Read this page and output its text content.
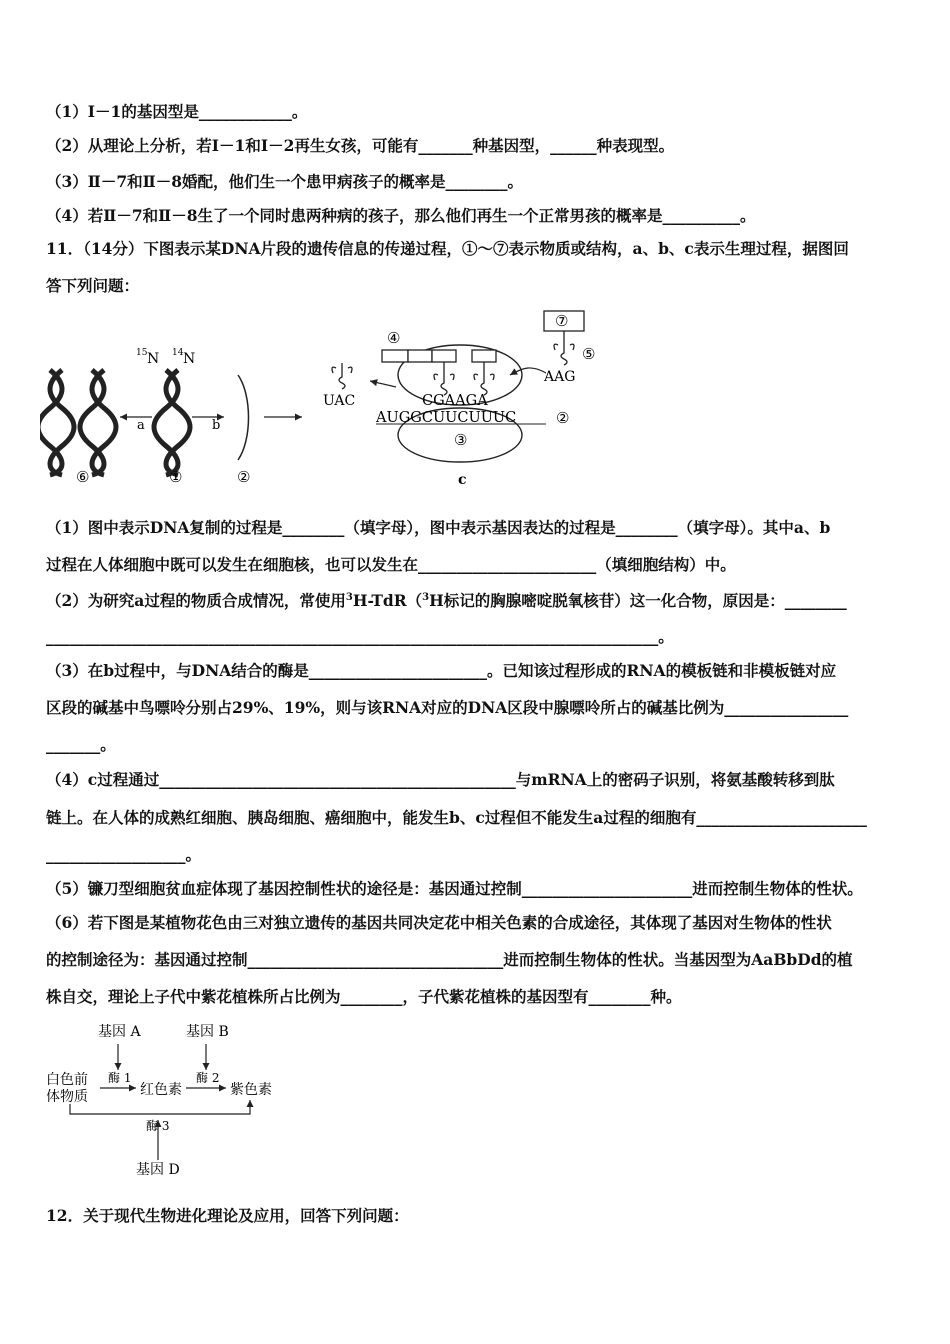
（1）Ⅰ－1的基因型是____________。
（2）从理论上分析，若Ⅰ－1和Ⅰ－2再生女孩，可能有_______种基因型，______种表现型。
（3）Ⅱ－7和Ⅱ－8婚配，他们生一个患甲病孩子的概率是________。
（4）若Ⅱ－7和Ⅱ－8生了一个同时患两种病的孩子，那么他们再生一个正常男孩的概率是__________。
11．（14分）下图表示某DNA片段的遗传信息的传递过程，①～⑦表示物质或结构，a、b、c表示生理过程，据图回
答下列问题：
15 N 14 N
a	b
⑥	①	②
④
UAC
⑦
⑤
AAG
CGAAGA
AUGGCUUCUUUC	②
③
c
（1）图中表示DNA复制的过程是________（填字母），图中表示基因表达的过程是________（填字母）。其中a、b
过程在人体细胞中既可以发生在细胞核，也可以发生在_______________________（填细胞结构）中。
（2）为研究a过程的物质合成情况，常使用$^3$H-TdR（$^3$H标记的胸腺嘧啶脱氧核苷）这一化合物，原因是：________
_______________________________________________________________________________。
（3）在b过程中，与DNA结合的酶是_______________________。已知该过程形成的RNA的模板链和非模板链对应
区段的碱基中鸟嘌呤分别占29%、19%，则与该RNA对应的DNA区段中腺嘌呤所占的碱基比例为________________
_______。
（4）c过程通过______________________________________________与mRNA上的密码子识别，将氨基酸转移到肽
链上。在人体的成熟红细胞、胰岛细胞、癌细胞中，能发生b、c过程但不能发生a过程的细胞有______________________
__________________。
（5）镰刀型细胞贫血症体现了基因控制性状的途径是：基因通过控制______________________进而控制生物体的性状。
（6）若下图是某植物花色由三对独立遗传的基因共同决定花中相关色素的合成途径，其体现了基因对生物体的性状
的控制途径为：基因通过控制_________________________________进而控制生物体的性状。当基因型为AaBbDd的植
株自交，理论上子代中紫花植株所占比例为________，子代紫花植株的基因型有________种。
基因 A	基因 B
白色前
体物质
酶 1
红色素
酶 2
紫色素
酶 3
基因 D
12．关于现代生物进化理论及应用，回答下列问题：
